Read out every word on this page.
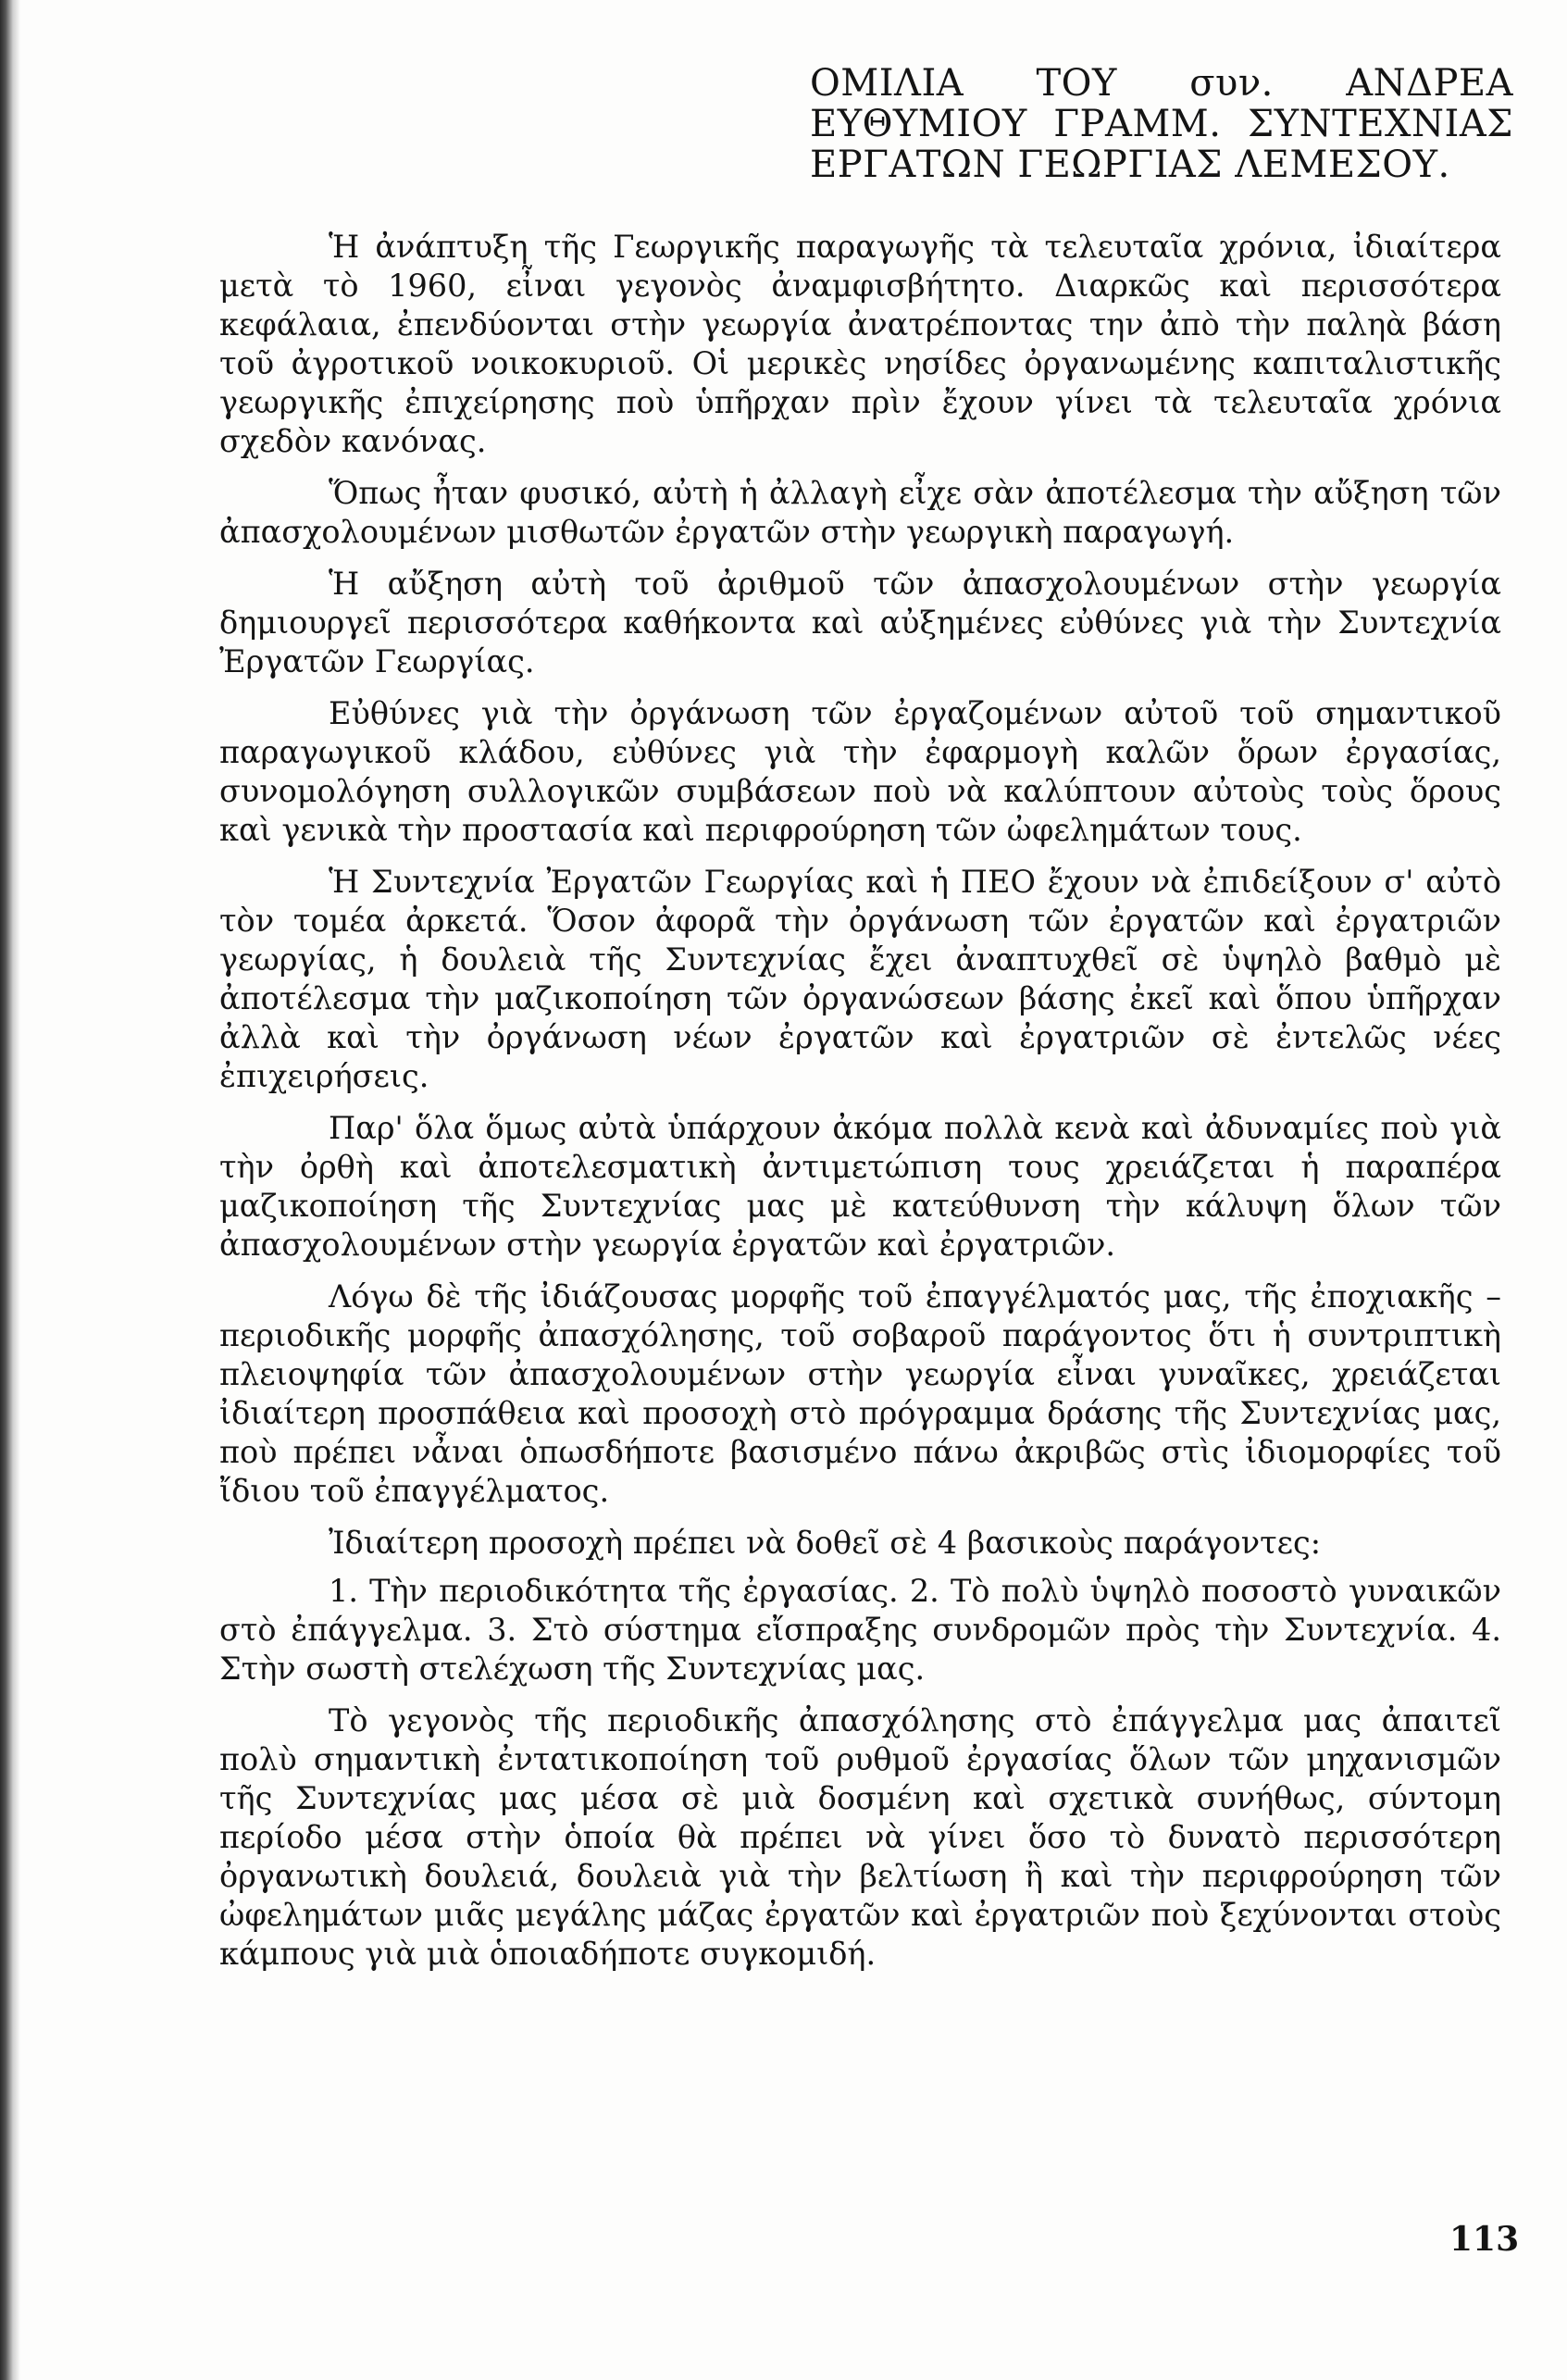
ΟΜΙΛΙΑ ΤΟΥ συν. ΑΝΔΡΕΑ ΕΥΘΥΜΙΟΥ ΓΡΑΜΜ. ΣΥΝΤΕΧΝΙΑΣ ΕΡΓΑΤΩΝ ΓΕΩΡΓΙΑΣ ΛΕΜΕΣΟΥ.

Ἡ ἀνάπτυξη τῆς Γεωργικῆς παραγωγῆς τὰ τελευταῖα χρόνια, ἰδιαίτερα μετὰ τὸ 1960, εἶναι γεγονὸς ἀναμφισβήτητο. Διαρκῶς καὶ περισσότερα κεφάλαια, ἐπενδύονται στὴν γεωργία ἀνατρέποντας την ἀπὸ τὴν παληὰ βάση τοῦ ἀγροτικοῦ νοικοκυριοῦ. Οἱ μερικὲς νησίδες ὀργανωμένης καπιταλιστικῆς γεωργικῆς ἐπιχείρησης ποὺ ὑπῆρχαν πρὶν ἔχουν γίνει τὰ τελευταῖα χρόνια σχεδὸν κανόνας.

Ὅπως ἦταν φυσικό, αὐτὴ ἡ ἀλλαγὴ εἶχε σὰν ἀποτέλεσμα τὴν αὔξηση τῶν ἀπασχολουμένων μισθωτῶν ἐργατῶν στὴν γεωργικὴ παραγωγή.

Ἡ αὔξηση αὐτὴ τοῦ ἀριθμοῦ τῶν ἀπασχολουμένων στὴν γεωργία δημιουργεῖ περισσότερα καθήκοντα καὶ αὐξημένες εὐθύνες γιὰ τὴν Συντεχνία Ἐργατῶν Γεωργίας.

Εὐθύνες γιὰ τὴν ὀργάνωση τῶν ἐργαζομένων αὐτοῦ τοῦ σημαντικοῦ παραγωγικοῦ κλάδου, εὐθύνες γιὰ τὴν ἐφαρμογὴ καλῶν ὅρων ἐργασίας, συνομολόγηση συλλογικῶν συμβάσεων ποὺ νὰ καλύπτουν αὐτοὺς τοὺς ὅρους καὶ γενικὰ τὴν προστασία καὶ περιφρούρηση τῶν ὠφελημάτων τους.

Ἡ Συντεχνία Ἐργατῶν Γεωργίας καὶ ἡ ΠΕΟ ἔχουν νὰ ἐπιδείξουν σ' αὐτὸ τὸν τομέα ἀρκετά. Ὅσον ἀφορᾶ τὴν ὀργάνωση τῶν ἐργατῶν καὶ ἐργατριῶν γεωργίας, ἡ δουλειὰ τῆς Συντεχνίας ἔχει ἀναπτυχθεῖ σὲ ὑψηλὸ βαθμὸ μὲ ἀποτέλεσμα τὴν μαζικοποίηση τῶν ὀργανώσεων βάσης ἐκεῖ καὶ ὅπου ὑπῆρχαν ἀλλὰ καὶ τὴν ὀργάνωση νέων ἐργατῶν καὶ ἐργατριῶν σὲ ἐντελῶς νέες ἐπιχειρήσεις.

Παρ' ὅλα ὅμως αὐτὰ ὑπάρχουν ἀκόμα πολλὰ κενὰ καὶ ἀδυναμίες ποὺ γιὰ τὴν ὀρθὴ καὶ ἀποτελεσματικὴ ἀντιμετώπιση τους χρειάζεται ἡ παραπέρα μαζικοποίηση τῆς Συντεχνίας μας μὲ κατεύθυνση τὴν κάλυψη ὅλων τῶν ἀπασχολουμένων στὴν γεωργία ἐργατῶν καὶ ἐργατριῶν.

Λόγω δὲ τῆς ἰδιάζουσας μορφῆς τοῦ ἐπαγγέλματός μας, τῆς ἐποχιακῆς – περιοδικῆς μορφῆς ἀπασχόλησης, τοῦ σοβαροῦ παράγοντος ὅτι ἡ συντριπτικὴ πλειοψηφία τῶν ἀπασχολουμένων στὴν γεωργία εἶναι γυναῖκες, χρειάζεται ἰδιαίτερη προσπάθεια καὶ προσοχὴ στὸ πρόγραμμα δράσης τῆς Συντεχνίας μας, ποὺ πρέπει νἆναι ὁπωσδήποτε βασισμένο πάνω ἀκριβῶς στὶς ἰδιομορφίες τοῦ ἴδιου τοῦ ἐπαγγέλματος.

Ἰδιαίτερη προσοχὴ πρέπει νὰ δοθεῖ σὲ 4 βασικοὺς παράγοντες:

1. Τὴν περιοδικότητα τῆς ἐργασίας. 2. Τὸ πολὺ ὑψηλὸ ποσοστὸ γυναικῶν στὸ ἐπάγγελμα. 3. Στὸ σύστημα εἴσπραξης συνδρομῶν πρὸς τὴν Συντεχνία. 4. Στὴν σωστὴ στελέχωση τῆς Συντεχνίας μας.

Τὸ γεγονὸς τῆς περιοδικῆς ἀπασχόλησης στὸ ἐπάγγελμα μας ἀπαιτεῖ πολὺ σημαντικὴ ἐντατικοποίηση τοῦ ρυθμοῦ ἐργασίας ὅλων τῶν μηχανισμῶν τῆς Συντεχνίας μας μέσα σὲ μιὰ δοσμένη καὶ σχετικὰ συνήθως, σύντομη περίοδο μέσα στὴν ὁποία θὰ πρέπει νὰ γίνει ὅσο τὸ δυνατὸ περισσότερη ὀργανωτικὴ δουλειά, δουλειὰ γιὰ τὴν βελτίωση ἢ καὶ τὴν περιφρούρηση τῶν ὠφελημάτων μιᾶς μεγάλης μάζας ἐργατῶν καὶ ἐργατριῶν ποὺ ξεχύνονται στοὺς κάμπους γιὰ μιὰ ὁποιαδήποτε συγκομιδή.

113
